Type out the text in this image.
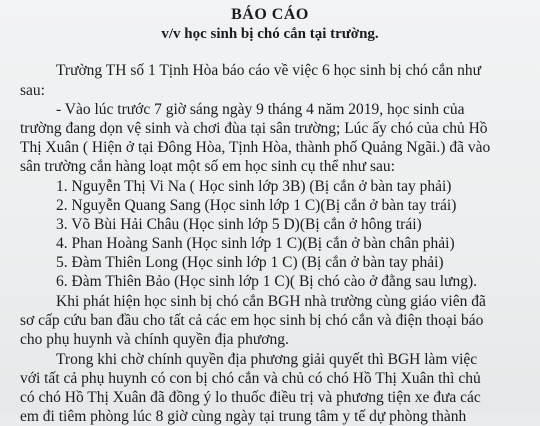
BÁO CÁO
v/v học sinh bị chó cắn tại trường.
Trường TH số 1 Tịnh Hòa báo cáo về việc 6 học sinh bị chó cắn như
sau:
- Vào lúc trước 7 giờ sáng ngày 9 tháng 4 năm 2019, học sinh của
trường đang dọn vệ sinh và chơi đùa tại sân trường; Lúc ấy chó của chủ Hồ
Thị Xuân ( Hiện ở tại Đông Hòa, Tịnh Hòa, thành phố Quảng Ngãi.) đã vào
sân trường cắn hàng loạt một số em học sinh cụ thể như sau:
1. Nguyễn Thị Vi Na ( Học sinh lớp 3B) (Bị cắn ở bàn tay phải)
2. Nguyễn Quang Sang (Học sinh lớp 1 C)(Bị cắn ở bàn tay trái)
3. Võ Bùi Hải Châu (Học sinh lớp 5 D)(Bị cắn ở hông trái)
4. Phan Hoàng Sanh (Học sinh lớp 1 C)(Bị cắn ở bàn chân phải)
5. Đàm Thiên Long (Học sinh lớp 1 C) (Bị cắn ở bàn tay phải)
6. Đàm Thiên Bảo (Học sinh lớp 1 C)( Bị chó cào ở đằng sau lưng).
Khi phát hiện học sinh bị chó cắn BGH nhà trường cùng giáo viên đã
sơ cấp cứu ban đầu cho tất cả các em học sinh bị chó cắn và điện thoại báo
cho phụ huynh và chính quyền địa phương.
Trong khi chờ chính quyền địa phương giải quyết thì BGH làm việc
với tất cả phụ huynh có con bị chó cắn và chủ có chó Hồ Thị Xuân thì chủ
có chó Hồ Thị Xuân đã đồng ý lo thuốc điều trị và phương tiện xe đưa các
em đi tiêm phòng lúc 8 giờ cùng ngày tại trung tâm y tế dự phòng thành
